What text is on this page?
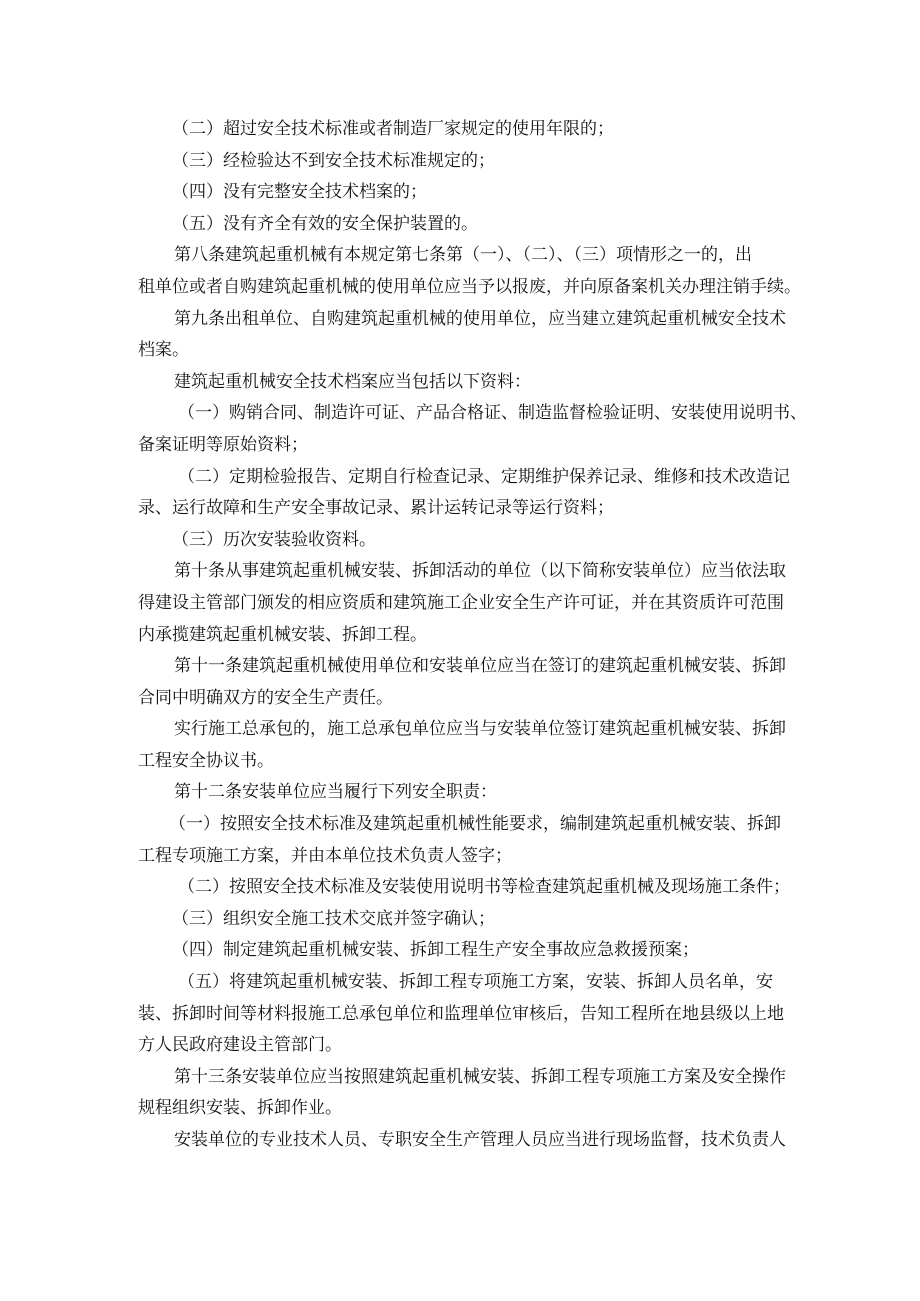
（二）超过安全技术标准或者制造厂家规定的使用年限的；

（三）经检验达不到安全技术标准规定的；

（四）没有完整安全技术档案的；

（五）没有齐全有效的安全保护装置的。

第八条建筑起重机械有本规定第七条第（一）、（二）、（三）项情形之一的，出
租单位或者自购建筑起重机械的使用单位应当予以报废，并向原备案机关办理注销手续。

第九条出租单位、自购建筑起重机械的使用单位，应当建立建筑起重机械安全技术
档案。

建筑起重机械安全技术档案应当包括以下资料：

（一）购销合同、制造许可证、产品合格证、制造监督检验证明、安装使用说明书、
备案证明等原始资料；

（二）定期检验报告、定期自行检查记录、定期维护保养记录、维修和技术改造记
录、运行故障和生产安全事故记录、累计运转记录等运行资料；

（三）历次安装验收资料。

第十条从事建筑起重机械安装、拆卸活动的单位（以下简称安装单位）应当依法取
得建设主管部门颁发的相应资质和建筑施工企业安全生产许可证，并在其资质许可范围
内承揽建筑起重机械安装、拆卸工程。

第十一条建筑起重机械使用单位和安装单位应当在签订的建筑起重机械安装、拆卸
合同中明确双方的安全生产责任。

实行施工总承包的，施工总承包单位应当与安装单位签订建筑起重机械安装、拆卸
工程安全协议书。

第十二条安装单位应当履行下列安全职责：

（一）按照安全技术标准及建筑起重机械性能要求，编制建筑起重机械安装、拆卸
工程专项施工方案，并由本单位技术负责人签字；

（二）按照安全技术标准及安装使用说明书等检查建筑起重机械及现场施工条件；

（三）组织安全施工技术交底并签字确认；

（四）制定建筑起重机械安装、拆卸工程生产安全事故应急救援预案；

（五）将建筑起重机械安装、拆卸工程专项施工方案，安装、拆卸人员名单，安
装、拆卸时间等材料报施工总承包单位和监理单位审核后，告知工程所在地县级以上地
方人民政府建设主管部门。

第十三条安装单位应当按照建筑起重机械安装、拆卸工程专项施工方案及安全操作
规程组织安装、拆卸作业。

安装单位的专业技术人员、专职安全生产管理人员应当进行现场监督，技术负责人
